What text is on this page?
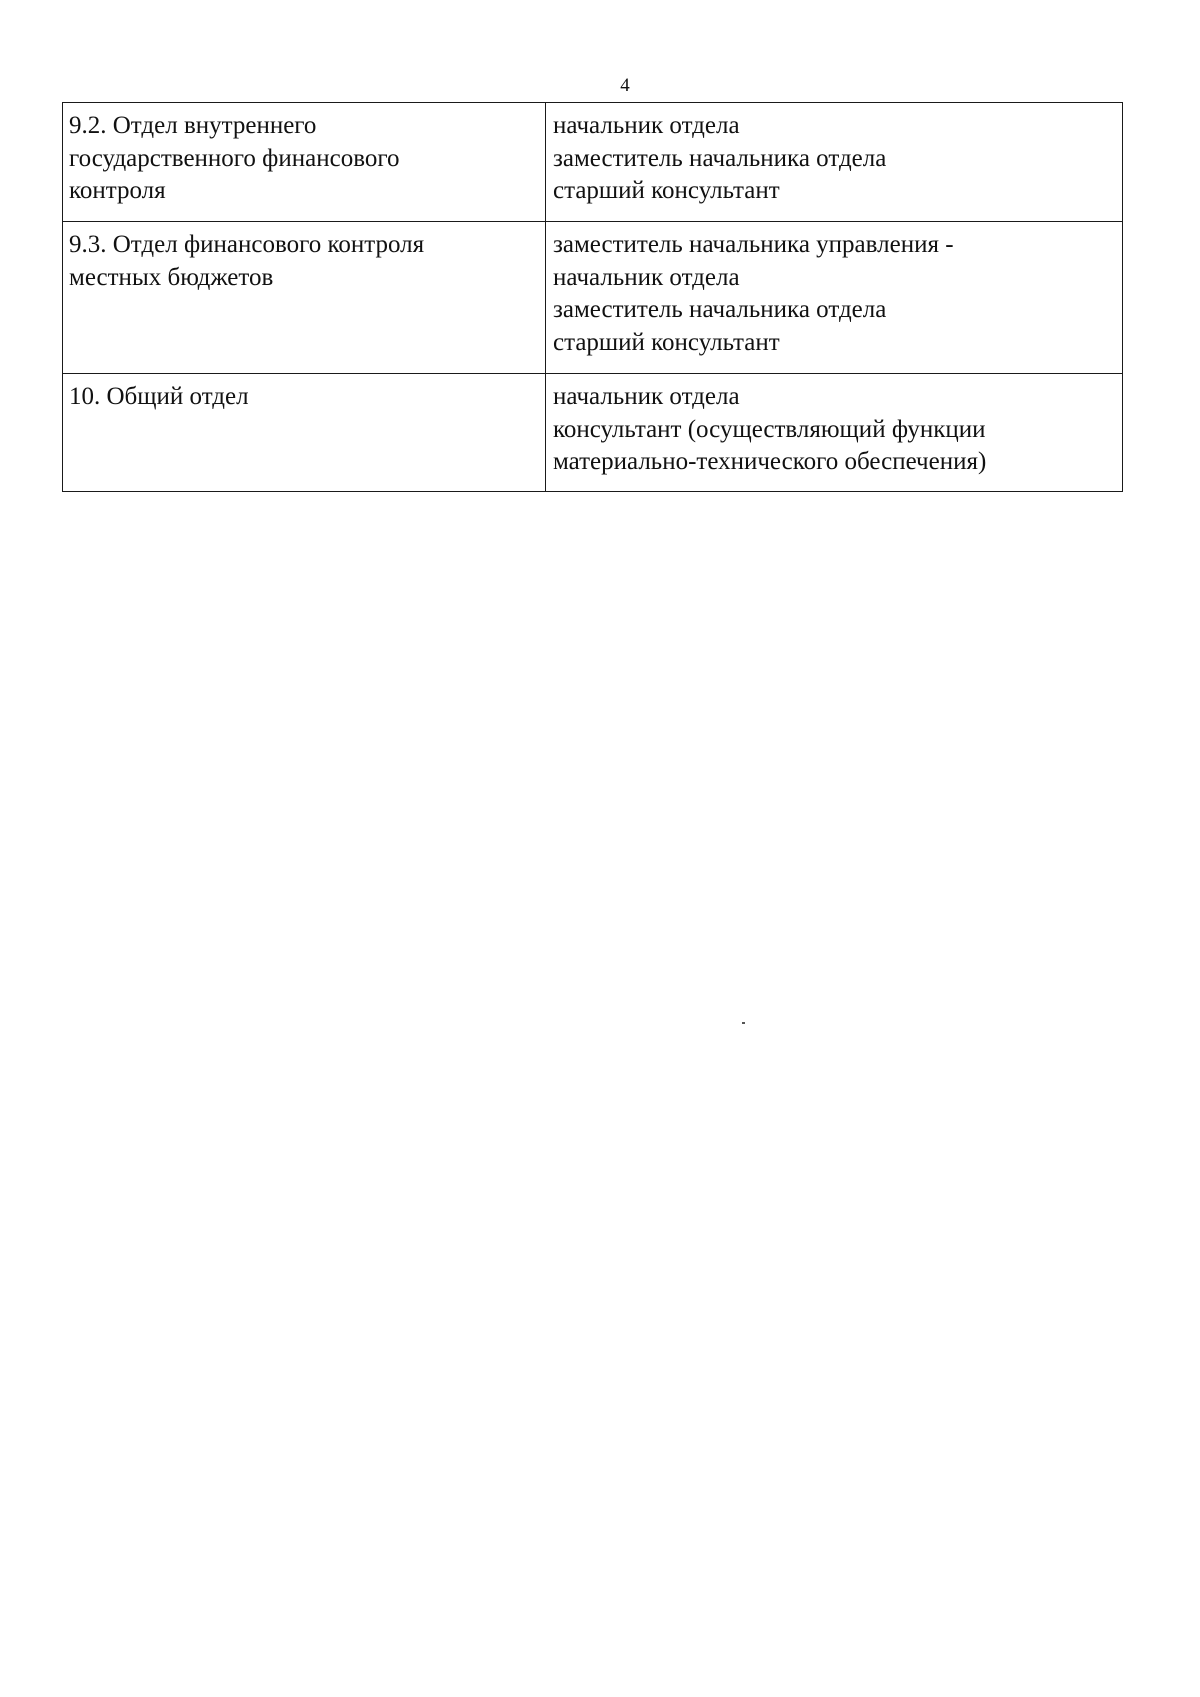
4
9.2. Отдел внутреннего
государственного финансового
контроля	начальник отдела
заместитель начальника отдела
старший консультант

9.3. Отдел финансового контроля
местных бюджетов	заместитель начальника управления -
начальник отдела
заместитель начальника отдела
старший консультант

10. Общий отдел	начальник отдела
консультант (осуществляющий функции
материально-технического обеспечения)
